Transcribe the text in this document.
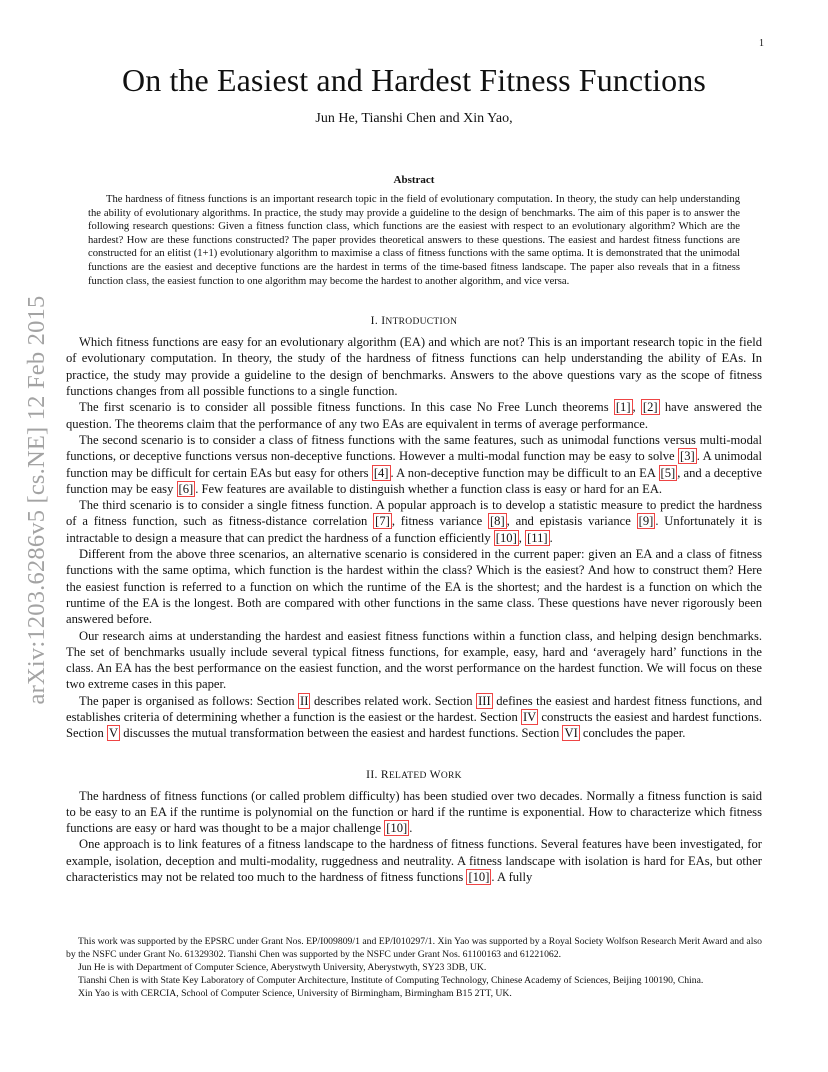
1
arXiv:1203.6286v5 [cs.NE] 12 Feb 2015
On the Easiest and Hardest Fitness Functions
Jun He, Tianshi Chen and Xin Yao,
Abstract

The hardness of fitness functions is an important research topic in the field of evolutionary computation. In theory, the study can help understanding the ability of evolutionary algorithms. In practice, the study may provide a guideline to the design of benchmarks. The aim of this paper is to answer the following research questions: Given a fitness function class, which functions are the easiest with respect to an evolutionary algorithm? Which are the hardest? How are these functions constructed? The paper provides theoretical answers to these questions. The easiest and hardest fitness functions are constructed for an elitist (1+1) evolutionary algorithm to maximise a class of fitness functions with the same optima. It is demonstrated that the unimodal functions are the easiest and deceptive functions are the hardest in terms of the time-based fitness landscape. The paper also reveals that in a fitness function class, the easiest function to one algorithm may become the hardest to another algorithm, and vice versa.

I. INTRODUCTION

Which fitness functions are easy for an evolutionary algorithm (EA) and which are not? This is an important research topic in the field of evolutionary computation. In theory, the study of the hardness of fitness functions can help understanding the ability of EAs. In practice, the study may provide a guideline to the design of benchmarks. Answers to the above questions vary as the scope of fitness functions changes from all possible functions to a single function.

The first scenario is to consider all possible fitness functions. In this case No Free Lunch theorems [1] , [2] have answered the question. The theorems claim that the performance of any two EAs are equivalent in terms of average performance.

The second scenario is to consider a class of fitness functions with the same features, such as unimodal functions versus multi-modal functions, or deceptive functions versus non-deceptive functions. However a multi-modal function may be easy to solve [3] . A unimodal function may be difficult for certain EAs but easy for others [4] . A non-deceptive function may be difficult to an EA [5] , and a deceptive function may be easy [6] . Few features are available to distinguish whether a function class is easy or hard for an EA.

The third scenario is to consider a single fitness function. A popular approach is to develop a statistic measure to predict the hardness of a fitness function, such as fitness-distance correlation [7] , fitness variance [8] , and epistasis variance [9] . Unfortunately it is intractable to design a measure that can predict the hardness of a function efficiently [10] , [11] .

Different from the above three scenarios, an alternative scenario is considered in the current paper: given an EA and a class of fitness functions with the same optima, which function is the hardest within the class? Which is the easiest? And how to construct them? Here the easiest function is referred to a function on which the runtime of the EA is the shortest; and the hardest is a function on which the runtime of the EA is the longest. Both are compared with other functions in the same class. These questions have never rigorously been answered before.

Our research aims at understanding the hardest and easiest fitness functions within a function class, and helping design benchmarks. The set of benchmarks usually include several typical fitness functions, for example, easy, hard and ‘averagely hard’ functions in the class. An EA has the best performance on the easiest function, and the worst performance on the hardest function. We will focus on these two extreme cases in this paper.

The paper is organised as follows: Section II describes related work. Section III defines the easiest and hardest fitness functions, and establishes criteria of determining whether a function is the easiest or the hardest. Section IV constructs the easiest and hardest functions. Section V discusses the mutual transformation between the easiest and hardest functions. Section VI concludes the paper.

II. RELATED WORK

The hardness of fitness functions (or called problem difficulty) has been studied over two decades. Normally a fitness function is said to be easy to an EA if the runtime is polynomial on the function or hard if the runtime is exponential. How to characterize which fitness functions are easy or hard was thought to be a major challenge [10] .

One approach is to link features of a fitness landscape to the hardness of fitness functions. Several features have been investigated, for example, isolation, deception and multi-modality, ruggedness and neutrality. A fitness landscape with isolation is hard for EAs, but other characteristics may not be related too much to the hardness of fitness functions [10] . A fully

This work was supported by the EPSRC under Grant Nos. EP/I009809/1 and EP/I010297/1. Xin Yao was supported by a Royal Society Wolfson Research Merit Award and also by the NSFC under Grant No. 61329302. Tianshi Chen was supported by the NSFC under Grant Nos. 61100163 and 61221062.

Jun He is with Department of Computer Science, Aberystwyth University, Aberystwyth, SY23 3DB, UK.

Tianshi Chen is with State Key Laboratory of Computer Architecture, Institute of Computing Technology, Chinese Academy of Sciences, Beijing 100190, China.

Xin Yao is with CERCIA, School of Computer Science, University of Birmingham, Birmingham B15 2TT, UK.
